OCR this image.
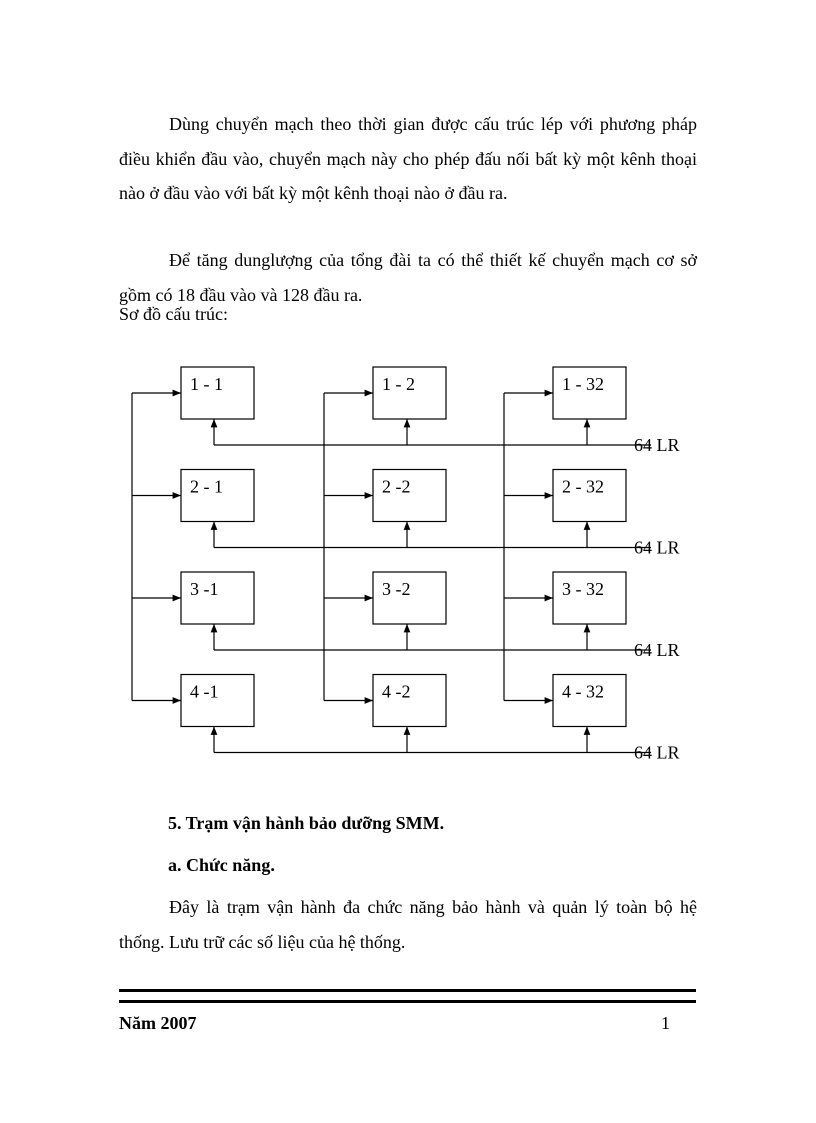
Dùng chuyển mạch theo thời gian được cấu trúc lép với phương pháp điều khiển đầu vào, chuyển mạch này cho phép đấu nối bất kỳ một kênh thoại nào ở đầu vào với bất kỳ một kênh thoại nào ở đầu ra.

Để tăng dunglượng của tổng đài ta có thể thiết kế chuyển mạch cơ sở gồm có 18 đầu vào và 128 đầu ra.

Sơ đồ cấu trúc:

1 - 1	1 - 2	1 - 32
64 LR
2 - 1	2 -2	2 - 32
64 LR
3 -1	3 -2	3 - 32
64 LR
4 -1	4 -2	4 - 32
64 LR

5. Trạm vận hành bảo dưỡng SMM.

a. Chức năng.

Đây là trạm vận hành đa chức năng bảo hành và quản lý toàn bộ hệ thống. Lưu trữ các số liệu của hệ thống.

Năm 2007	1
